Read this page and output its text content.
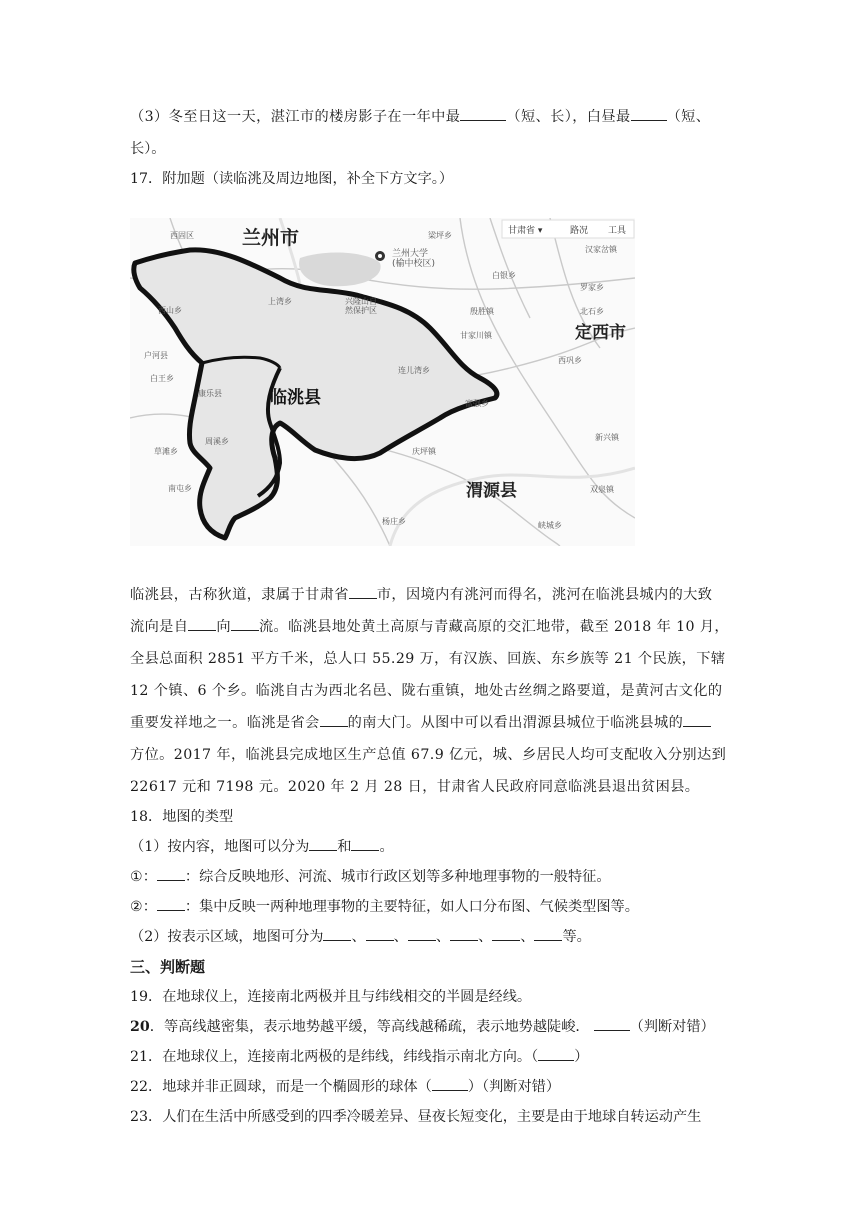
（3）冬至日这一天，湛江市的楼房影子在一年中最	（短、长），白昼最	（短、
长）。
17．附加题（读临洮及周边地图，补全下方文字。）
兰州市
临洮县
定西市
渭源县
兰州大学
(榆中校区)
兴隆山自
然保护区
西固区	梁坪乡
白银乡
西山乡
上湾乡
康乐县
白王乡
连儿湾乡
甘家川镇
殷胜镇
富强乡
庆坪镇
草滩乡
周溪乡	新兴镇
双泉镇
杨庄乡	峡城乡
汉家岔镇
罗家乡
西巩乡
南屯乡
户河县
北石乡
甘肃省 ▾	路况 工具
临洮县，古称狄道，隶属于甘肃省 市，因境内有洮河而得名，洮河在临洮县城内的大致
流向是自 向 流。临洮县地处黄土高原与青藏高原的交汇地带，截至 2018 年 10 月，
全县总面积 2851 平方千米，总人口 55.29 万，有汉族、回族、东乡族等 21 个民族，下辖
12 个镇、6 个乡。临洮自古为西北名邑、陇右重镇，地处古丝绸之路要道，是黄河古文化的
重要发祥地之一。临洮是省会 的南大门。从图中可以看出渭源县城位于临洮县城的
方位。2017 年，临洮县完成地区生产总值 67.9 亿元，城、乡居民人均可支配收入分别达到
22617 元和 7198 元。2020 年 2 月 28 日，甘肃省人民政府同意临洮县退出贫困县。
18．地图的类型
（1）按内容，地图可以分为 和 。
①： ：综合反映地形、河流、城市行政区划等多种地理事物的一般特征。
②： ：集中反映一两种地理事物的主要特征，如人口分布图、气候类型图等。
（2）按表示区域，地图可分为 、 、 、 、 、 等。
三、判断题
19．在地球仪上，连接南北两极并且与纬线相交的半圆是经线。
20．等高线越密集，表示地势越平缓，等高线越稀疏，表示地势越陡峻．	（判断对错）
21．在地球仪上，连接南北两极的是纬线，纬线指示南北方向。（	）
22．地球并非正圆球，而是一个椭圆形的球体（	）（判断对错）
23．人们在生活中所感受到的四季冷暖差异、昼夜长短变化，主要是由于地球自转运动产生
